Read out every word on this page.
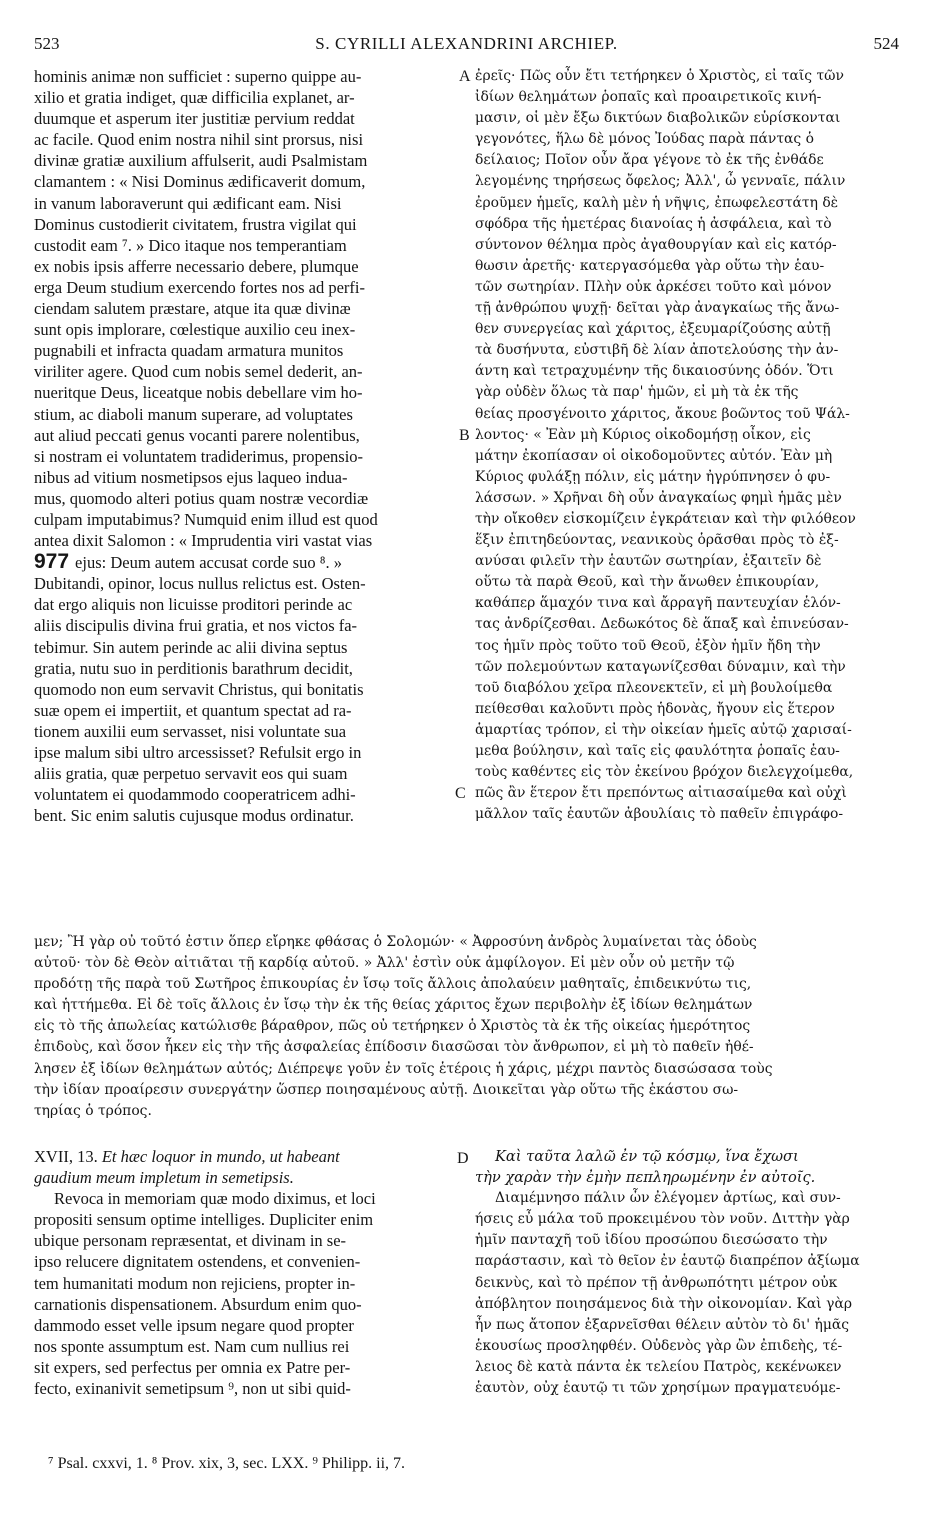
523	S. CYRILLI ALEXANDRINI ARCHIEP.	524

hominis animæ non sufficiet : superno quippe au-

xilio et gratia indiget, quæ difficilia explanet, ar-

duumque et asperum iter justitiæ pervium reddat

ac facile. Quod enim nostra nihil sint prorsus, nisi

divinæ gratiæ auxilium affulserit, audi Psalmistam

clamantem : « Nisi Dominus ædificaverit domum,

in vanum laboraverunt qui ædificant eam. Nisi

Dominus custodierit civitatem, frustra vigilat qui

custodit eam ⁷. » Dico itaque nos temperantiam

ex nobis ipsis afferre necessario debere, plumque

erga Deum studium exercendo fortes nos ad perfi-

ciendam salutem præstare, atque ita quæ divinæ

sunt opis implorare, cœlestique auxilio ceu inex-

pugnabili et infracta quadam armatura munitos

viriliter agere. Quod cum nobis semel dederit, an-

nueritque Deus, liceatque nobis debellare vim ho-

stium, ac diaboli manum superare, ad voluptates

aut aliud peccati genus vocanti parere nolentibus,

si nostram ei voluntatem tradiderimus, propensio-

nibus ad vitium nosmetipsos ejus laqueo indua-

mus, quomodo alteri potius quam nostræ vecordiæ

culpam imputabimus? Numquid enim illud est quod

antea dixit Salomon : « Imprudentia viri vastat vias

977 ejus: Deum autem accusat corde suo ⁸. »

Dubitandi, opinor, locus nullus relictus est. Osten-

dat ergo aliquis non licuisse proditori perinde ac

aliis discipulis divina frui gratia, et nos victos fa-

tebimur. Sin autem perinde ac alii divina septus

gratia, nutu suo in perditionis barathrum decidit,

quomodo non eum servavit Christus, qui bonitatis

suæ opem ei impertiit, et quantum spectat ad ra-

tionem auxilii eum servasset, nisi voluntate sua

ipse malum sibi ultro arcessisset? Refulsit ergo in

aliis gratia, quæ perpetuo servavit eos qui suam

voluntatem ei quodammodo cooperatricem adhi-

bent. Sic enim salutis cujusque modus ordinatur.

ἐρεῖς· Πῶς οὖν ἔτι τετήρηκεν ὁ Χριστὸς, εἰ ταῖς τῶν

ἰδίων θελημάτων ῥοπαῖς καὶ προαιρετικοῖς κινή-

μασιν, οἱ μὲν ἔξω δικτύων διαβολικῶν εὑρίσκονται

γεγονότες, ἥλω δὲ μόνος Ἰούδας παρὰ πάντας ὁ

δείλαιος; Ποῖον οὖν ἄρα γέγονε τὸ ἐκ τῆς ἐνθάδε

λεγομένης τηρήσεως ὄφελος; Ἀλλ', ὦ γενναῖε, πάλιν

ἐροῦμεν ἡμεῖς, καλὴ μὲν ἡ νῆψις, ἐπωφελεστάτη δὲ

σφόδρα τῆς ἡμετέρας διανοίας ἡ ἀσφάλεια, καὶ τὸ

σύντονον θέλημα πρὸς ἀγαθουργίαν καὶ εἰς κατόρ-

θωσιν ἀρετῆς· κατεργασόμεθα γὰρ οὕτω τὴν ἑαυ-

τῶν σωτηρίαν. Πλὴν οὐκ ἀρκέσει τοῦτο καὶ μόνον

τῇ ἀνθρώπου ψυχῇ· δεῖται γὰρ ἀναγκαίως τῆς ἄνω-

θεν συνεργείας καὶ χάριτος, ἐξευμαρίζούσης αὐτῇ

τὰ δυσήνυτα, εὐστιβῆ δὲ λίαν ἀποτελούσης τὴν ἀν-

άντη καὶ τετραχυμένην τῆς δικαιοσύνης ὁδόν. Ὅτι

γὰρ οὐδὲν ὅλως τὰ παρ' ἡμῶν, εἰ μὴ τὰ ἐκ τῆς

θείας προσγένοιτο χάριτος, ἄκουε βοῶντος τοῦ Ψάλ-

λοντος· « Ἐὰν μὴ Κύριος οἰκοδομήσῃ οἶκον, εἰς

μάτην ἐκοπίασαν οἱ οἰκοδομοῦντες αὐτόν. Ἐὰν μὴ

Κύριος φυλάξῃ πόλιν, εἰς μάτην ἠγρύπνησεν ὁ φυ-

λάσσων. » Χρῆναι δὴ οὖν ἀναγκαίως φημὶ ἡμᾶς μὲν

τὴν οἴκοθεν εἰσκομίζειν ἐγκράτειαν καὶ τὴν φιλόθεον

ἕξιν ἐπιτηδεύοντας, νεανικοὺς ὁρᾶσθαι πρὸς τὸ ἐξ-

ανύσαι φιλεῖν τὴν ἑαυτῶν σωτηρίαν, ἐξαιτεῖν δὲ

οὕτω τὰ παρὰ Θεοῦ, καὶ τὴν ἄνωθεν ἐπικουρίαν,

καθάπερ ἅμαχόν τινα καὶ ἄρραγῆ παντευχίαν ἑλόν-

τας ἀνδρίζεσθαι. Δεδωκότος δὲ ἅπαξ καὶ ἐπινεύσαν-

τος ἡμῖν πρὸς τοῦτο τοῦ Θεοῦ, ἐξὸν ἡμῖν ἤδη τὴν

τῶν πολεμούντων καταγωνίζεσθαι δύναμιν, καὶ τὴν

τοῦ διαβόλου χεῖρα πλεονεκτεῖν, εἰ μὴ βουλοίμεθα

πείθεσθαι καλοῦντι πρὸς ἡδονὰς, ἤγουν εἰς ἕτερον

ἁμαρτίας τρόπον, εἰ τὴν οἰκείαν ἡμεῖς αὐτῷ χαρισαί-

μεθα βούλησιν, καὶ ταῖς εἰς φαυλότητα ῥοπαῖς ἑαυ-

τοὺς καθέντες εἰς τὸν ἐκείνου βρόχον διελεγχοίμεθα,

πῶς ἂν ἕτερον ἔτι πρεπόντως αἰτιασαίμεθα καὶ οὐχὶ

μᾶλλον ταῖς ἑαυτῶν ἀβουλίαις τὸ παθεῖν ἐπιγράφο-

A
B
C
D

μεν; Ἢ γὰρ οὐ τοῦτό ἐστιν ὅπερ εἴρηκε φθάσας ὁ Σολομών· « Ἀφροσύνη ἀνδρὸς λυμαίνεται τὰς ὁδοὺς

αὐτοῦ· τὸν δὲ Θεὸν αἰτιᾶται τῇ καρδίᾳ αὐτοῦ. » Ἀλλ' ἐστὶν οὐκ ἀμφίλογον. Εἰ μὲν οὖν οὐ μετῆν τῷ

προδότῃ τῆς παρὰ τοῦ Σωτῆρος ἐπικουρίας ἐν ἴσῳ τοῖς ἄλλοις ἀπολαύειν μαθηταῖς, ἐπιδεικνύτω τις,

καὶ ἡττήμεθα. Εἰ δὲ τοῖς ἄλλοις ἐν ἴσῳ τὴν ἐκ τῆς θείας χάριτος ἔχων περιβολὴν ἐξ ἰδίων θελημάτων

εἰς τὸ τῆς ἀπωλείας κατώλισθε βάραθρον, πῶς οὐ τετήρηκεν ὁ Χριστὸς τὰ ἐκ τῆς οἰκείας ἡμερότητος

ἐπιδοὺς, καὶ ὅσον ἧκεν εἰς τὴν τῆς ἀσφαλείας ἐπίδοσιν διασῶσαι τὸν ἄνθρωπον, εἰ μὴ τὸ παθεῖν ἠθέ-

λησεν ἐξ ἰδίων θελημάτων αὐτός; Διέπρεψε γοῦν ἐν τοῖς ἑτέροις ἡ χάρις, μέχρι παντὸς διασώσασα τοὺς

τὴν ἰδίαν προαίρεσιν συνεργάτην ὥσπερ ποιησαμένους αὐτῇ. Διοικεῖται γὰρ οὕτω τῆς ἑκάστου σω-

τηρίας ὁ τρόπος.

XVII, 13. Et hæc loquor in mundo, ut habeant

gaudium meum impletum in semetipsis.

Revoca in memoriam quæ modo diximus, et loci

propositi sensum optime intelliges. Dupliciter enim

ubique personam repræsentat, et divinam in se-

ipso relucere dignitatem ostendens, et convenien-

tem humanitati modum non rejiciens, propter in-

carnationis dispensationem. Absurdum enim quo-

dammodo esset velle ipsum negare quod propter

nos sponte assumptum est. Nam cum nullius rei

sit expers, sed perfectus per omnia ex Patre per-

fecto, exinanivit semetipsum ⁹, non ut sibi quid-

Καὶ ταῦτα λαλῶ ἐν τῷ κόσμῳ, ἵνα ἔχωσι

τὴν χαρὰν τὴν ἐμὴν πεπληρωμένην ἐν αὐτοῖς.

Διαμέμνησο πάλιν ὧν ἐλέγομεν ἀρτίως, καὶ συν-

ήσεις εὖ μάλα τοῦ προκειμένου τὸν νοῦν. Διττὴν γὰρ

ἡμῖν πανταχῆ τοῦ ἰδίου προσώπου διεσώσατο τὴν

παράστασιν, καὶ τὸ θεῖον ἐν ἑαυτῷ διαπρέπον ἀξίωμα

δεικνὺς, καὶ τὸ πρέπον τῇ ἀνθρωπότητι μέτρον οὐκ

ἀπόβλητον ποιησάμενος διὰ τὴν οἰκονομίαν. Καὶ γὰρ

ἦν πως ἄτοπον ἐξαρνεῖσθαι θέλειν αὐτὸν τὸ δι' ἡμᾶς

ἑκουσίως προσληφθέν. Οὐδενὸς γὰρ ὢν ἐπιδεὴς, τέ-

λειος δὲ κατὰ πάντα ἐκ τελείου Πατρὸς, κεκένωκεν

ἑαυτὸν, οὐχ ἑαυτῷ τι τῶν χρησίμων πραγματευόμε-

⁷ Psal. cxxvi, 1. ⁸ Prov. xix, 3, sec. LXX. ⁹ Philipp. ii, 7.
